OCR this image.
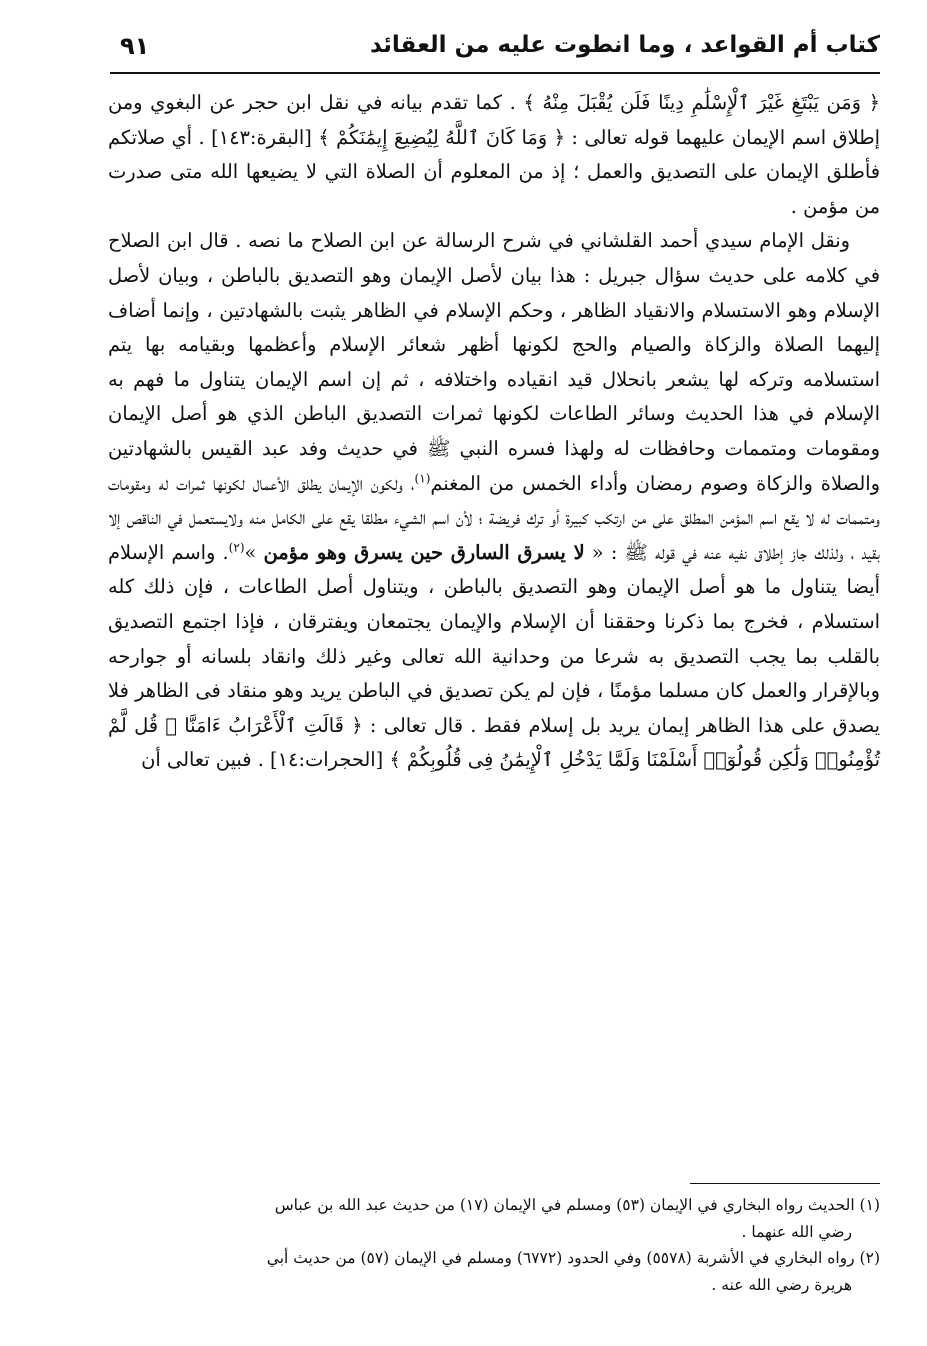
كتاب أم القواعد ، وما انطوت عليه من العقائد
٩١

﴿ وَمَن يَبْتَغِ غَيْرَ ٱلْإِسْلَٰمِ دِينًا فَلَن يُقْبَلَ مِنْهُ ﴾ . كما تقدم بيانه في نقل ابن حجر عن البغوي ومن إطلاق اسم الإيمان عليهما قوله تعالى : ﴿ وَمَا كَانَ ٱللَّهُ لِيُضِيعَ إِيمَٰنَكُمْ ﴾ [البقرة:١٤٣] . أي صلاتكم فأطلق الإيمان على التصديق والعمل ؛ إذ من المعلوم أن الصلاة التي لا يضيعها الله متى صدرت من مؤمن .

ونقل الإمام سيدي أحمد القلشاني في شرح الرسالة عن ابن الصلاح ما نصه . قال ابن الصلاح في كلامه على حديث سؤال جبريل : هذا بيان لأصل الإيمان وهو التصديق بالباطن ، وبيان لأصل الإسلام وهو الاستسلام والانقياد الظاهر ، وحكم الإسلام في الظاهر يثبت بالشهادتين ، وإنما أضاف إليهما الصلاة والزكاة والصيام والحج لكونها أظهر شعائر الإسلام وأعظمها وبقيامه بها يتم استسلامه وتركه لها يشعر بانحلال قيد انقياده واختلافه ، ثم إن اسم الإيمان يتناول ما فهم به الإسلام في هذا الحديث وسائر الطاعات لكونها ثمرات التصديق الباطن الذي هو أصل الإيمان ومقومات ومتممات وحافظات له ولهذا فسره النبي ﷺ في حديث وفد عبد القيس بالشهادتين والصلاة والزكاة وصوم رمضان وأداء الخمس من المغنم$^{(١)}$، ولكون الإيمان يطلق الأعمال لكونها ثمرات له ومقومات ومتممات له لا يقع اسم المؤمن المطلق على من ارتكب كبيرة أو ترك فريضة ؛ لأن اسم الشيء مطلقا يقع على الكامل منه ولايستعمل في الناقص إلا بقيد ، ولذلك جاز إطلاق نفيه عنه في قوله ﷺ : « لا يسرق السارق حين يسرق وهو مؤمن »$^{(٢)}$. واسم الإسلام أيضا يتناول ما هو أصل الإيمان وهو التصديق بالباطن ، ويتناول أصل الطاعات ، فإن ذلك كله استسلام ، فخرج بما ذكرنا وحققنا أن الإسلام والإيمان يجتمعان ويفترقان ، فإذا اجتمع التصديق بالقلب بما يجب التصديق به شرعا من وحدانية الله تعالى وغير ذلك وانقاد بلسانه أو جوارحه وبالإقرار والعمل كان مسلما مؤمنًا ، فإن لم يكن تصديق في الباطن يريد وهو منقاد فى الظاهر فلا يصدق على هذا الظاهر إيمان يريد بل إسلام فقط . قال تعالى : ﴿ قَالَتِ ٱلْأَعْرَابُ ءَامَنَّا ۖ قُل لَّمْ تُؤْمِنُوا۟ وَلَٰكِن قُولُوٓا۟ أَسْلَمْنَا وَلَمَّا يَدْخُلِ ٱلْإِيمَٰنُ فِى قُلُوبِكُمْ ﴾ [الحجرات:١٤] . فبين تعالى أن

(١) الحديث رواه البخاري في الإيمان (٥٣) ومسلم في الإيمان (١٧) من حديث عبد الله بن عباس

رضي الله عنهما .

(٢) رواه البخاري في الأشربة (٥٥٧٨) وفي الحدود (٦٧٧٢) ومسلم في الإيمان (٥٧) من حديث أبي

هريرة رضي الله عنه .
